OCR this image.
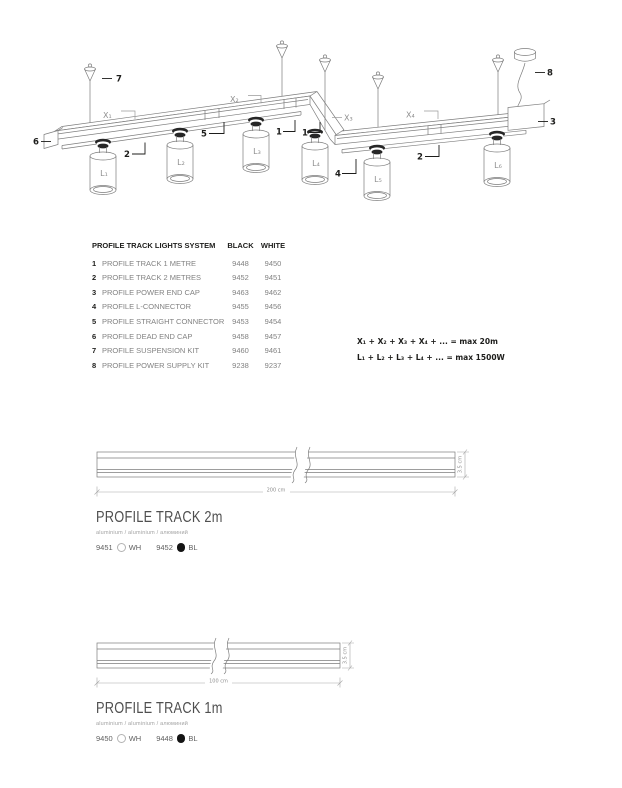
L₁
L₂
L₃
L₄
L₅
L₆
6
7
X₁
2
5
X₂
1 1
X₃
4
X₄
2
3
8
PROFILE TRACK LIGHTS SYSTEM	BLACK WHITE
1 PROFILE TRACK 1 METRE	9448	9450
2 PROFILE TRACK 2 METRES	9452	9451
3 PROFILE POWER END CAP	9463	9462
4 PROFILE L-CONNECTOR	9455	9456
5 PROFILE STRAIGHT CONNECTOR	9453	9454
6 PROFILE DEAD END CAP	9458	9457
7 PROFILE SUSPENSION KIT	9460	9461
8 PROFILE POWER SUPPLY KIT	9238	9237
X₁ + X₂ + X₃ + X₄ + ... = max 20m
L₁ + L₂ + L₃ + L₄ + ... = max 1500W
200 cm
3.5 cm
PROFILE TRACK 2m
aluminium / aluminium / алюминий
9451 WH 9452 BL
100 cm
3.5 cm
PROFILE TRACK 1m
aluminium / aluminium / алюминий
9450 WH 9448 BL
